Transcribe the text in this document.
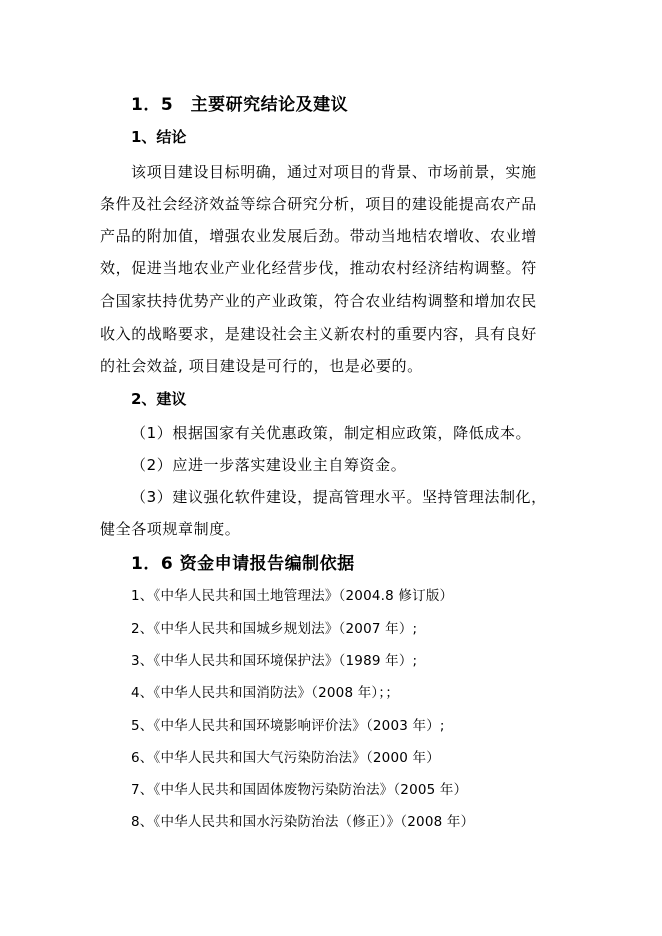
1．5　主要研究结论及建议
1、结论
该项目建设目标明确，通过对项目的背景、市场前景，实施
条件及社会经济效益等综合研究分析，项目的建设能提高农产品
产品的附加值，增强农业发展后劲。带动当地桔农增收、农业增
效，促进当地农业产业化经营步伐，推动农村经济结构调整。符
合国家扶持优势产业的产业政策，符合农业结构调整和增加农民
收入的战略要求，是建设社会主义新农村的重要内容，具有良好
的社会效益, 项目建设是可行的，也是必要的。
2、建议
（1）根据国家有关优惠政策，制定相应政策，降低成本。
（2）应进一步落实建设业主自筹资金。
（3）建议强化软件建设，提高管理水平。坚持管理法制化，
健全各项规章制度。
1．6 资金申请报告编制依据
1、《中华人民共和国土地管理法》（2004.8 修订版）
2、《中华人民共和国城乡规划法》（2007 年）;
3、《中华人民共和国环境保护法》（1989 年）;
4、《中华人民共和国消防法》（2008 年）；；
5、《中华人民共和国环境影响评价法》（2003 年）;
6、《中华人民共和国大气污染防治法》（2000 年）
7、《中华人民共和国固体废物污染防治法》（2005 年）
8、《中华人民共和国水污染防治法（修正）》（2008 年）
